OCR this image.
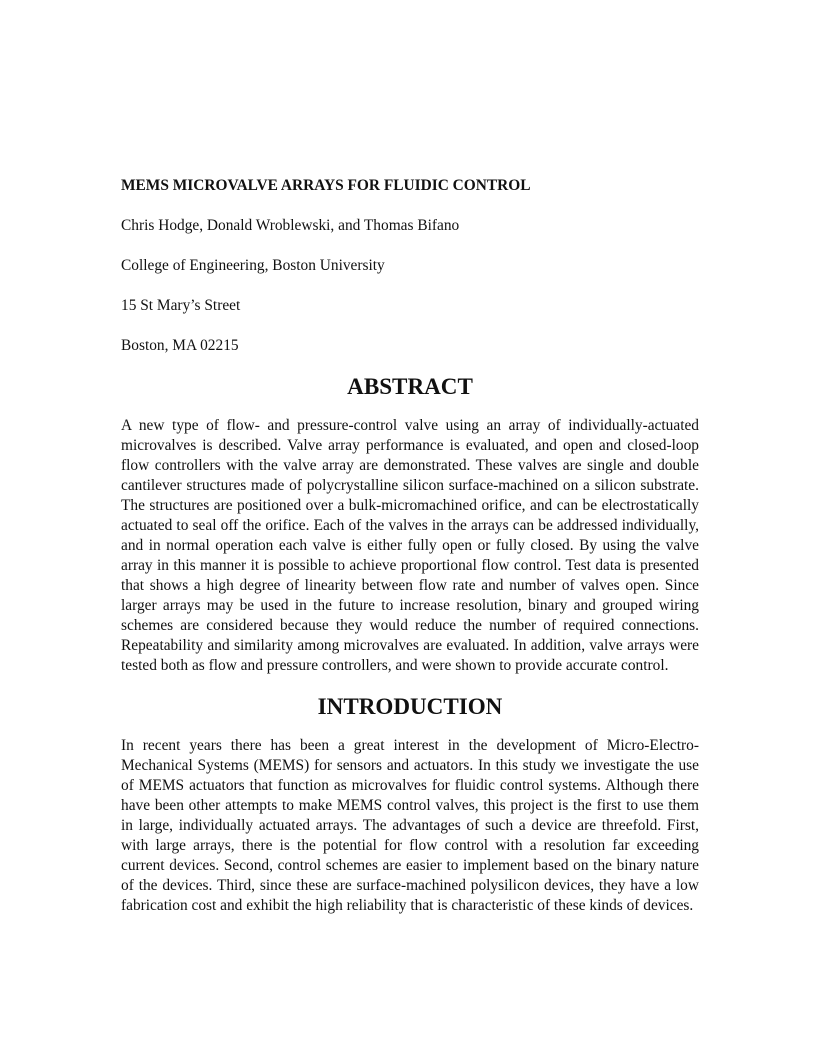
MEMS MICROVALVE ARRAYS FOR FLUIDIC CONTROL

Chris Hodge, Donald Wroblewski, and Thomas Bifano

College of Engineering, Boston University

15 St Mary’s Street

Boston, MA 02215

ABSTRACT

A new type of flow- and pressure-control valve using an array of individually-actuated microvalves is described. Valve array performance is evaluated, and open and closed-loop flow controllers with the valve array are demonstrated. These valves are single and double cantilever structures made of polycrystalline silicon surface-machined on a silicon substrate. The structures are positioned over a bulk-micromachined orifice, and can be electrostatically actuated to seal off the orifice. Each of the valves in the arrays can be addressed individually, and in normal operation each valve is either fully open or fully closed. By using the valve array in this manner it is possible to achieve proportional flow control. Test data is presented that shows a high degree of linearity between flow rate and number of valves open. Since larger arrays may be used in the future to increase resolution, binary and grouped wiring schemes are considered because they would reduce the number of required connections. Repeatability and similarity among microvalves are evaluated. In addition, valve arrays were tested both as flow and pressure controllers, and were shown to provide accurate control.

INTRODUCTION

In recent years there has been a great interest in the development of Micro-Electro-Mechanical Systems (MEMS) for sensors and actuators. In this study we investigate the use of MEMS actuators that function as microvalves for fluidic control systems. Although there have been other attempts to make MEMS control valves, this project is the first to use them in large, individually actuated arrays. The advantages of such a device are threefold. First, with large arrays, there is the potential for flow control with a resolution far exceeding current devices. Second, control schemes are easier to implement based on the binary nature of the devices. Third, since these are surface-machined polysilicon devices, they have a low fabrication cost and exhibit the high reliability that is characteristic of these kinds of devices.
